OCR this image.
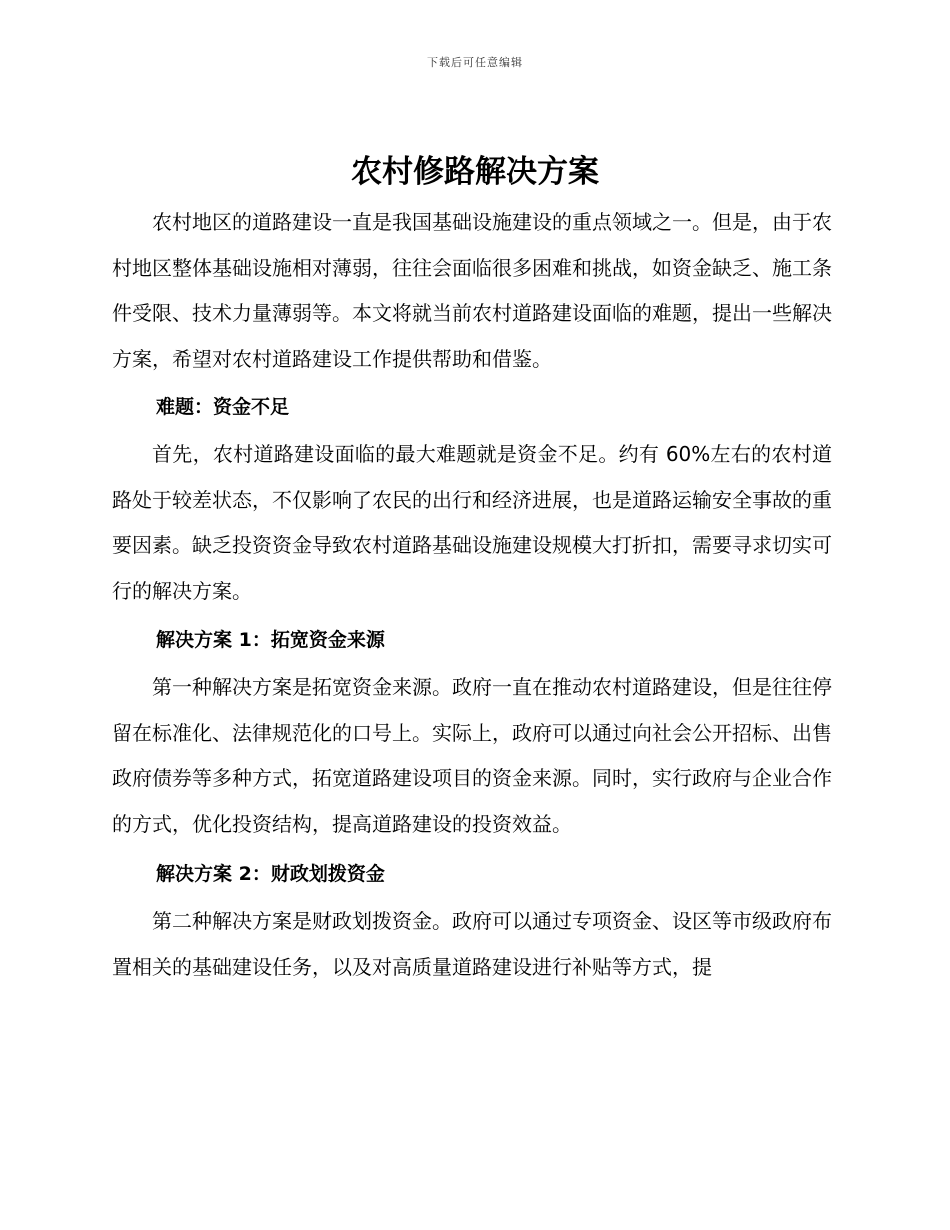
下载后可任意编辑
农村修路解决方案

农村地区的道路建设一直是我国基础设施建设的重点领域之一。但是，由于农村地区整体基础设施相对薄弱，往往会面临很多困难和挑战，如资金缺乏、施工条件受限、技术力量薄弱等。本文将就当前农村道路建设面临的难题，提出一些解决方案，希望对农村道路建设工作提供帮助和借鉴。

难题：资金不足

首先，农村道路建设面临的最大难题就是资金不足。约有 60%左右的农村道路处于较差状态，不仅影响了农民的出行和经济进展，也是道路运输安全事故的重要因素。缺乏投资资金导致农村道路基础设施建设规模大打折扣，需要寻求切实可行的解决方案。

解决方案 1：拓宽资金来源

第一种解决方案是拓宽资金来源。政府一直在推动农村道路建设，但是往往停留在标准化、法律规范化的口号上。实际上，政府可以通过向社会公开招标、出售政府债券等多种方式，拓宽道路建设项目的资金来源。同时，实行政府与企业合作的方式，优化投资结构，提高道路建设的投资效益。

解决方案 2：财政划拨资金

第二种解决方案是财政划拨资金。政府可以通过专项资金、设区等市级政府布置相关的基础建设任务，以及对高质量道路建设进行补贴等方式，提
